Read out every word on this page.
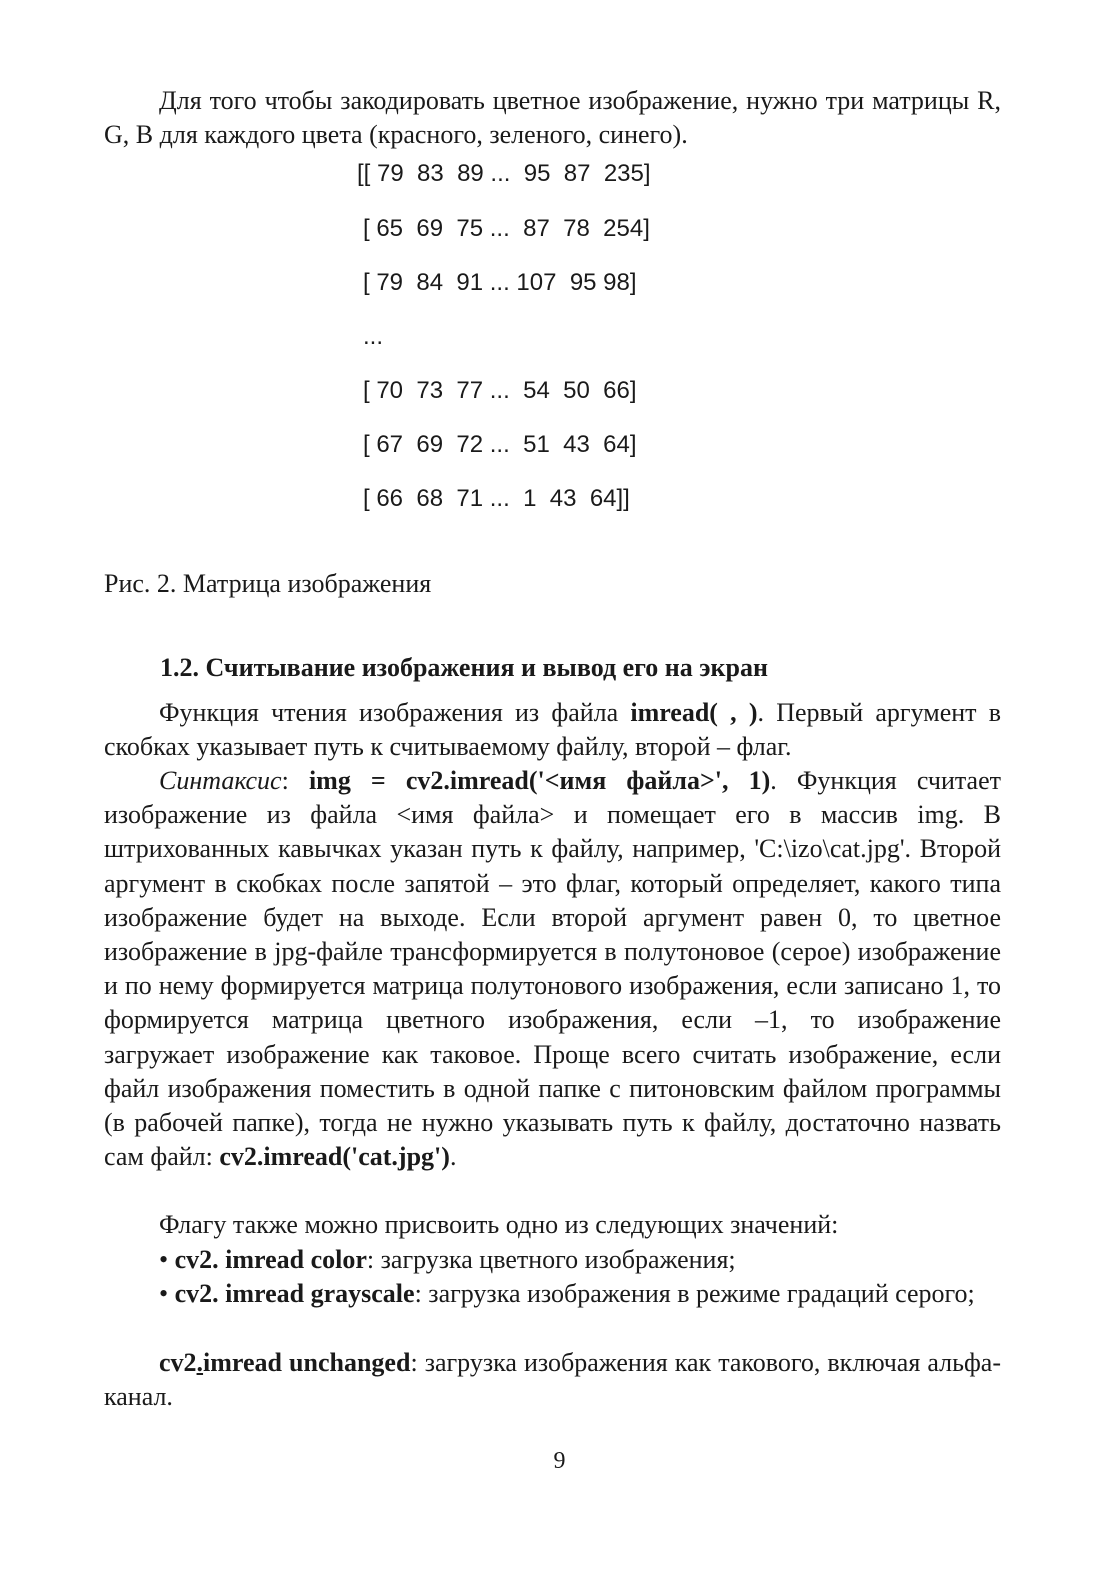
Для того чтобы закодировать цветное изображение, нужно три матрицы R, G, B для каждого цвета (красного, зеленого, синего).

[[ 79  83  89 ...  95  87  235]
[ 65  69  75 ...  87  78  254]
[ 79  84  91 ... 107  95 98]
...
[ 70  73  77 ...  54  50  66]
[ 67  69  72 ...  51  43  64]
[ 66  68  71 ...  1  43  64]]

Рис. 2. Матрица изображения

1.2. Считывание изображения и вывод его на экран

Функция чтения изображения из файла imread( , ). Первый аргумент в скобках указывает путь к считываемому файлу, второй – флаг.

Синтаксис: img = cv2.imread('<имя файла>', 1). Функция считает изображение из файла <имя файла> и помещает его в массив img. В штрихованных кавычках указан путь к файлу, например, 'C:\izo\cat.jpg'. Второй аргумент в скобках после запятой – это флаг, который определяет, какого типа изображение будет на выходе. Если второй аргумент равен 0, то цветное изображение в jpg-файле трансформируется в полутоновое (серое) изображение и по нему формируется матрица полутонового изображения, если записано 1, то формируется матрица цветного изображения, если –1, то изображение загружает изображение как таковое. Проще всего считать изображение, если файл изображения поместить в одной папке с питоновским файлом программы (в рабочей папке), тогда не нужно указывать путь к файлу, достаточно назвать сам файл: cv2.imread('cat.jpg').

Флагу также можно присвоить одно из следующих значений:

• cv2. imread color: загрузка цветного изображения;
• cv2. imread grayscale: загрузка изображения в режиме градаций серого;

cv2.imread unchanged: загрузка изображения как такового, включая альфа-канал.

9
